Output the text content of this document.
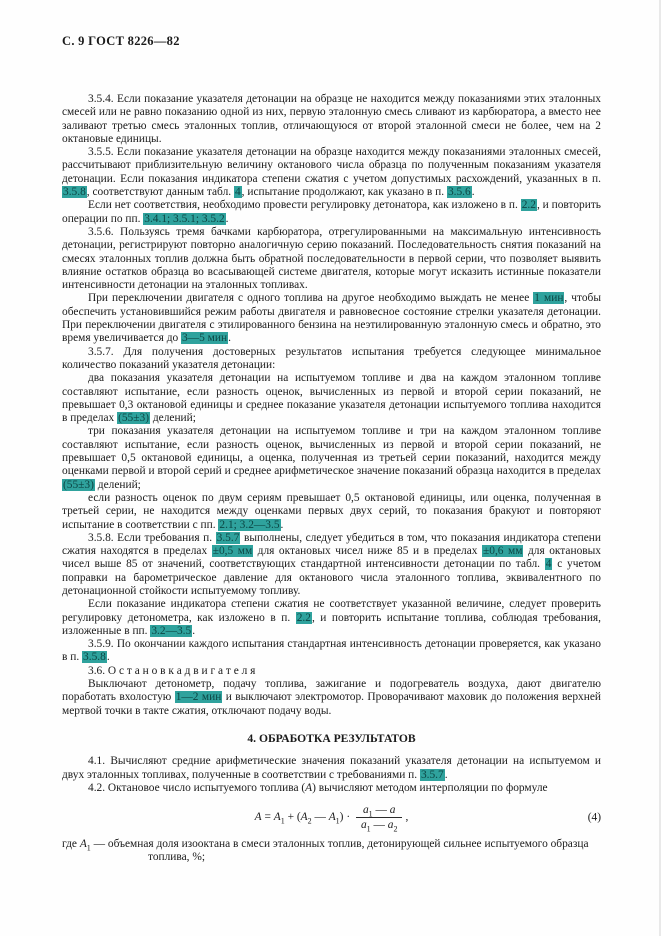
С. 9 ГОСТ 8226—82

3.5.4. Если показание указателя детонации на образце не находится между показаниями этих эталонных смесей или не равно показанию одной из них, первую эталонную смесь сливают из карбюратора, а вместо нее заливают третью смесь эталонных топлив, отличающуюся от второй эталонной смеси не более, чем на 2 октановые единицы.

3.5.5. Если показание указателя детонации на образце находится между показаниями эталонных смесей, рассчитывают приблизительную величину октанового числа образца по полученным показаниям указателя детонации. Если показания индикатора степени сжатия с учетом допустимых расхождений, указанных в п. 3.5.8, соответствуют данным табл. 4, испытание продолжают, как указано в п. 3.5.6.

Если нет соответствия, необходимо провести регулировку детонатора, как изложено в п. 2.2, и повторить операции по пп. 3.4.1; 3.5.1; 3.5.2.

3.5.6. Пользуясь тремя бачками карбюратора, отрегулированными на максимальную интенсивность детонации, регистрируют повторно аналогичную серию показаний. Последовательность снятия показаний на смесях эталонных топлив должна быть обратной последовательности в первой серии, что позволяет выявить влияние остатков образца во всасывающей системе двигателя, которые могут исказить истинные показатели интенсивности детонации на эталонных топливах.

При переключении двигателя с одного топлива на другое необходимо выждать не менее 1 мин, чтобы обеспечить установившийся режим работы двигателя и равновесное состояние стрелки указателя детонации. При переключении двигателя с этилированного бензина на неэтилированную эталонную смесь и обратно, это время увеличивается до 3—5 мин.

3.5.7. Для получения достоверных результатов испытания требуется следующее минимальное количество показаний указателя детонации:

два показания указателя детонации на испытуемом топливе и два на каждом эталонном топливе составляют испытание, если разность оценок, вычисленных из первой и второй серии показаний, не превышает 0,3 октановой единицы и среднее показание указателя детонации испытуемого топлива находится в пределах (55±3) делений;

три показания указателя детонации на испытуемом топливе и три на каждом эталонном топливе составляют испытание, если разность оценок, вычисленных из первой и второй серии показаний, не превышает 0,5 октановой единицы, а оценка, полученная из третьей серии показаний, находится между оценками первой и второй серий и среднее арифметическое значение показаний образца находится в пределах (55±3) делений;

если разность оценок по двум сериям превышает 0,5 октановой единицы, или оценка, полученная в третьей серии, не находится между оценками первых двух серий, то показания бракуют и повторяют испытание в соответствии с пп. 2.1; 3.2—3.5.

3.5.8. Если требования п. 3.5.7 выполнены, следует убедиться в том, что показания индикатора степени сжатия находятся в пределах ±0,5 мм для октановых чисел ниже 85 и в пределах ±0,6 мм для октановых чисел выше 85 от значений, соответствующих стандартной интенсивности детонации по табл. 4 с учетом поправки на барометрическое давление для октанового числа эталонного топлива, эквивалентного по детонационной стойкости испытуемому топливу.

Если показание индикатора степени сжатия не соответствует указанной величине, следует проверить регулировку детонометра, как изложено в п. 2.2, и повторить испытание топлива, соблюдая требования, изложенные в пп. 3.2—3.5.

3.5.9. По окончании каждого испытания стандартная интенсивность детонации проверяется, как указано в п. 3.5.8.

3.6. О с т а н о в к а д в и г а т е л я

Выключают детонометр, подачу топлива, зажигание и подогреватель воздуха, дают двигателю поработать вхолостую 1—2 мин и выключают электромотор. Проворачивают маховик до положения верхней мертвой точки в такте сжатия, отключают подачу воды.

4. ОБРАБОТКА РЕЗУЛЬТАТОВ

4.1. Вычисляют средние арифметические значения показаний указателя детонации на испытуемом и двух эталонных топливах, полученные в соответствии с требованиями п. 3.5.7.

4.2. Октановое число испытуемого топлива (А) вычисляют методом интерполяции по формуле

$А = А_1 + (А_2$ — $А_1) \cdot \frac{а_1 — а}{а_1 — а_2}$ ,	(4)

где $А_1$ — объемная доля изооктана в смеси эталонных топлив, детонирующей сильнее испытуемого образца топлива, %;
